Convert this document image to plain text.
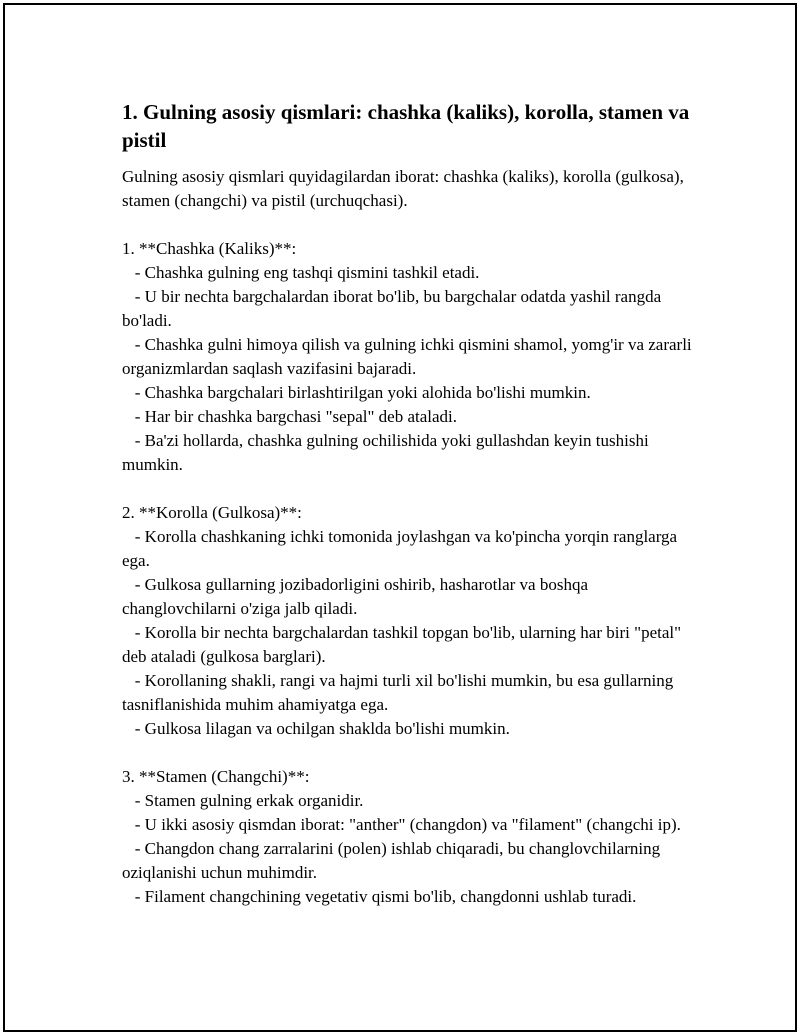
1. Gulning asosiy qismlari: chashka (kaliks), korolla, stamen va pistil

Gulning asosiy qismlari quyidagilardan iborat: chashka (kaliks), korolla (gulkosa), stamen (changchi) va pistil (urchuqchasi).

1. **Chashka (Kaliks)**:
- Chashka gulning eng tashqi qismini tashkil etadi.
- U bir nechta bargchalardan iborat bo'lib, bu bargchalar odatda yashil rangda bo'ladi.
- Chashka gulni himoya qilish va gulning ichki qismini shamol, yomg'ir va zararli organizmlardan saqlash vazifasini bajaradi.
- Chashka bargchalari birlashtirilgan yoki alohida bo'lishi mumkin.
- Har bir chashka bargchasi "sepal" deb ataladi.
- Ba'zi hollarda, chashka gulning ochilishida yoki gullashdan keyin tushishi mumkin.
2. **Korolla (Gulkosa)**:
- Korolla chashkaning ichki tomonida joylashgan va ko'pincha yorqin ranglarga ega.
- Gulkosa gullarning jozibadorligini oshirib, hasharotlar va boshqa changlovchilarni o'ziga jalb qiladi.
- Korolla bir nechta bargchalardan tashkil topgan bo'lib, ularning har biri "petal" deb ataladi (gulkosa barglari).
- Korollaning shakli, rangi va hajmi turli xil bo'lishi mumkin, bu esa gullarning tasniflanishida muhim ahamiyatga ega.
- Gulkosa lilagan va ochilgan shaklda bo'lishi mumkin.
3. **Stamen (Changchi)**:
- Stamen gulning erkak organidir.
- U ikki asosiy qismdan iborat: "anther" (changdon) va "filament" (changchi ip).
- Changdon chang zarralarini (polen) ishlab chiqaradi, bu changlovchilarning oziqlanishi uchun muhimdir.
- Filament changchining vegetativ qismi bo'lib, changdonni ushlab turadi.
